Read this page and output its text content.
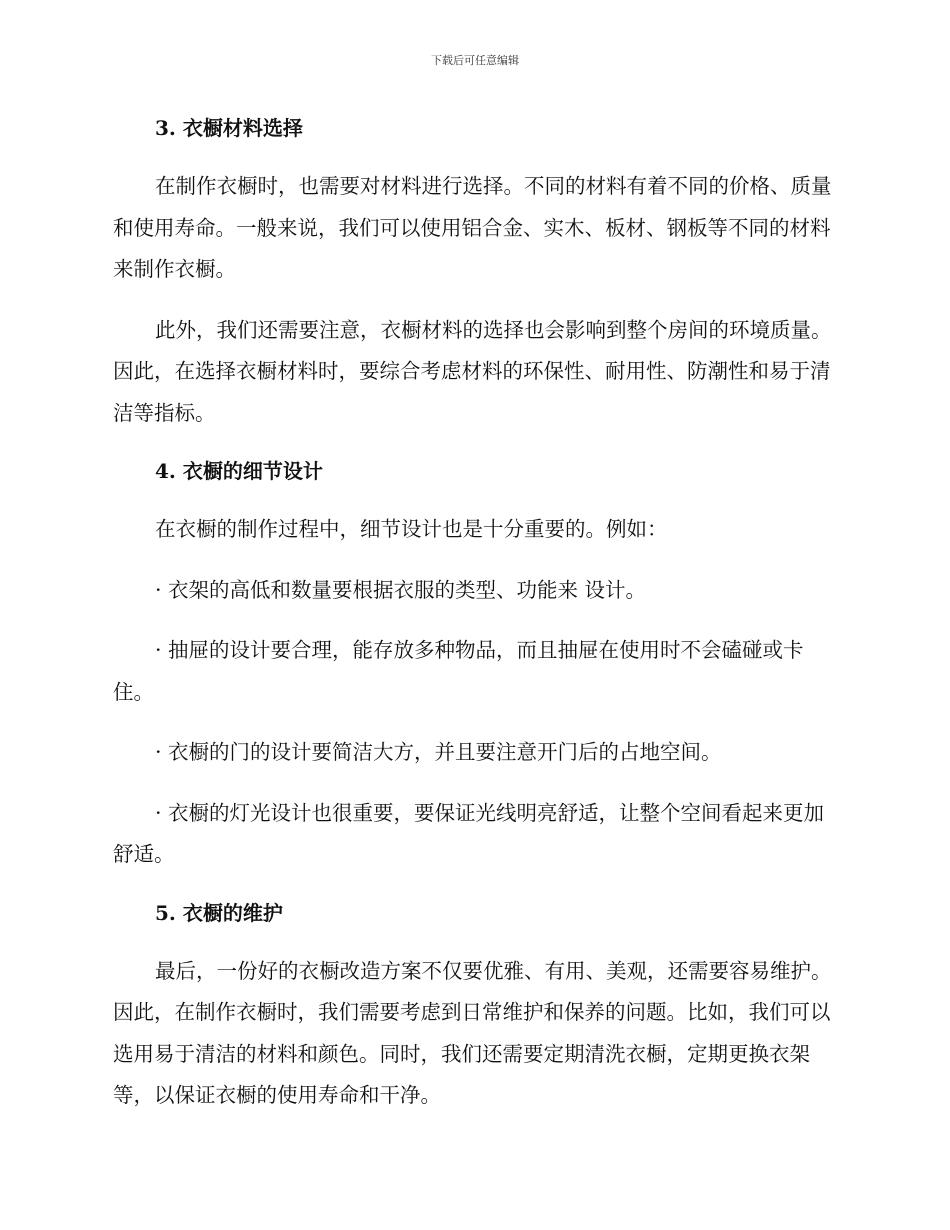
下载后可任意编辑
3. 衣橱材料选择

在制作衣橱时，也需要对材料进行选择。不同的材料有着不同的价格、质量和使用寿命。一般来说，我们可以使用铝合金、实木、板材、钢板等不同的材料来制作衣橱。

此外，我们还需要注意，衣橱材料的选择也会影响到整个房间的环境质量。因此，在选择衣橱材料时，要综合考虑材料的环保性、耐用性、防潮性和易于清洁等指标。

4. 衣橱的细节设计

在衣橱的制作过程中，细节设计也是十分重要的。例如：

· 衣架的高低和数量要根据衣服的类型、功能来 设计。

· 抽屉的设计要合理，能存放多种物品，而且抽屉在使用时不会磕碰或卡住。

· 衣橱的门的设计要简洁大方，并且要注意开门后的占地空间。

· 衣橱的灯光设计也很重要，要保证光线明亮舒适，让整个空间看起来更加舒适。

5. 衣橱的维护

最后，一份好的衣橱改造方案不仅要优雅、有用、美观，还需要容易维护。因此，在制作衣橱时，我们需要考虑到日常维护和保养的问题。比如，我们可以选用易于清洁的材料和颜色。同时，我们还需要定期清洗衣橱，定期更换衣架等，以保证衣橱的使用寿命和干净。
